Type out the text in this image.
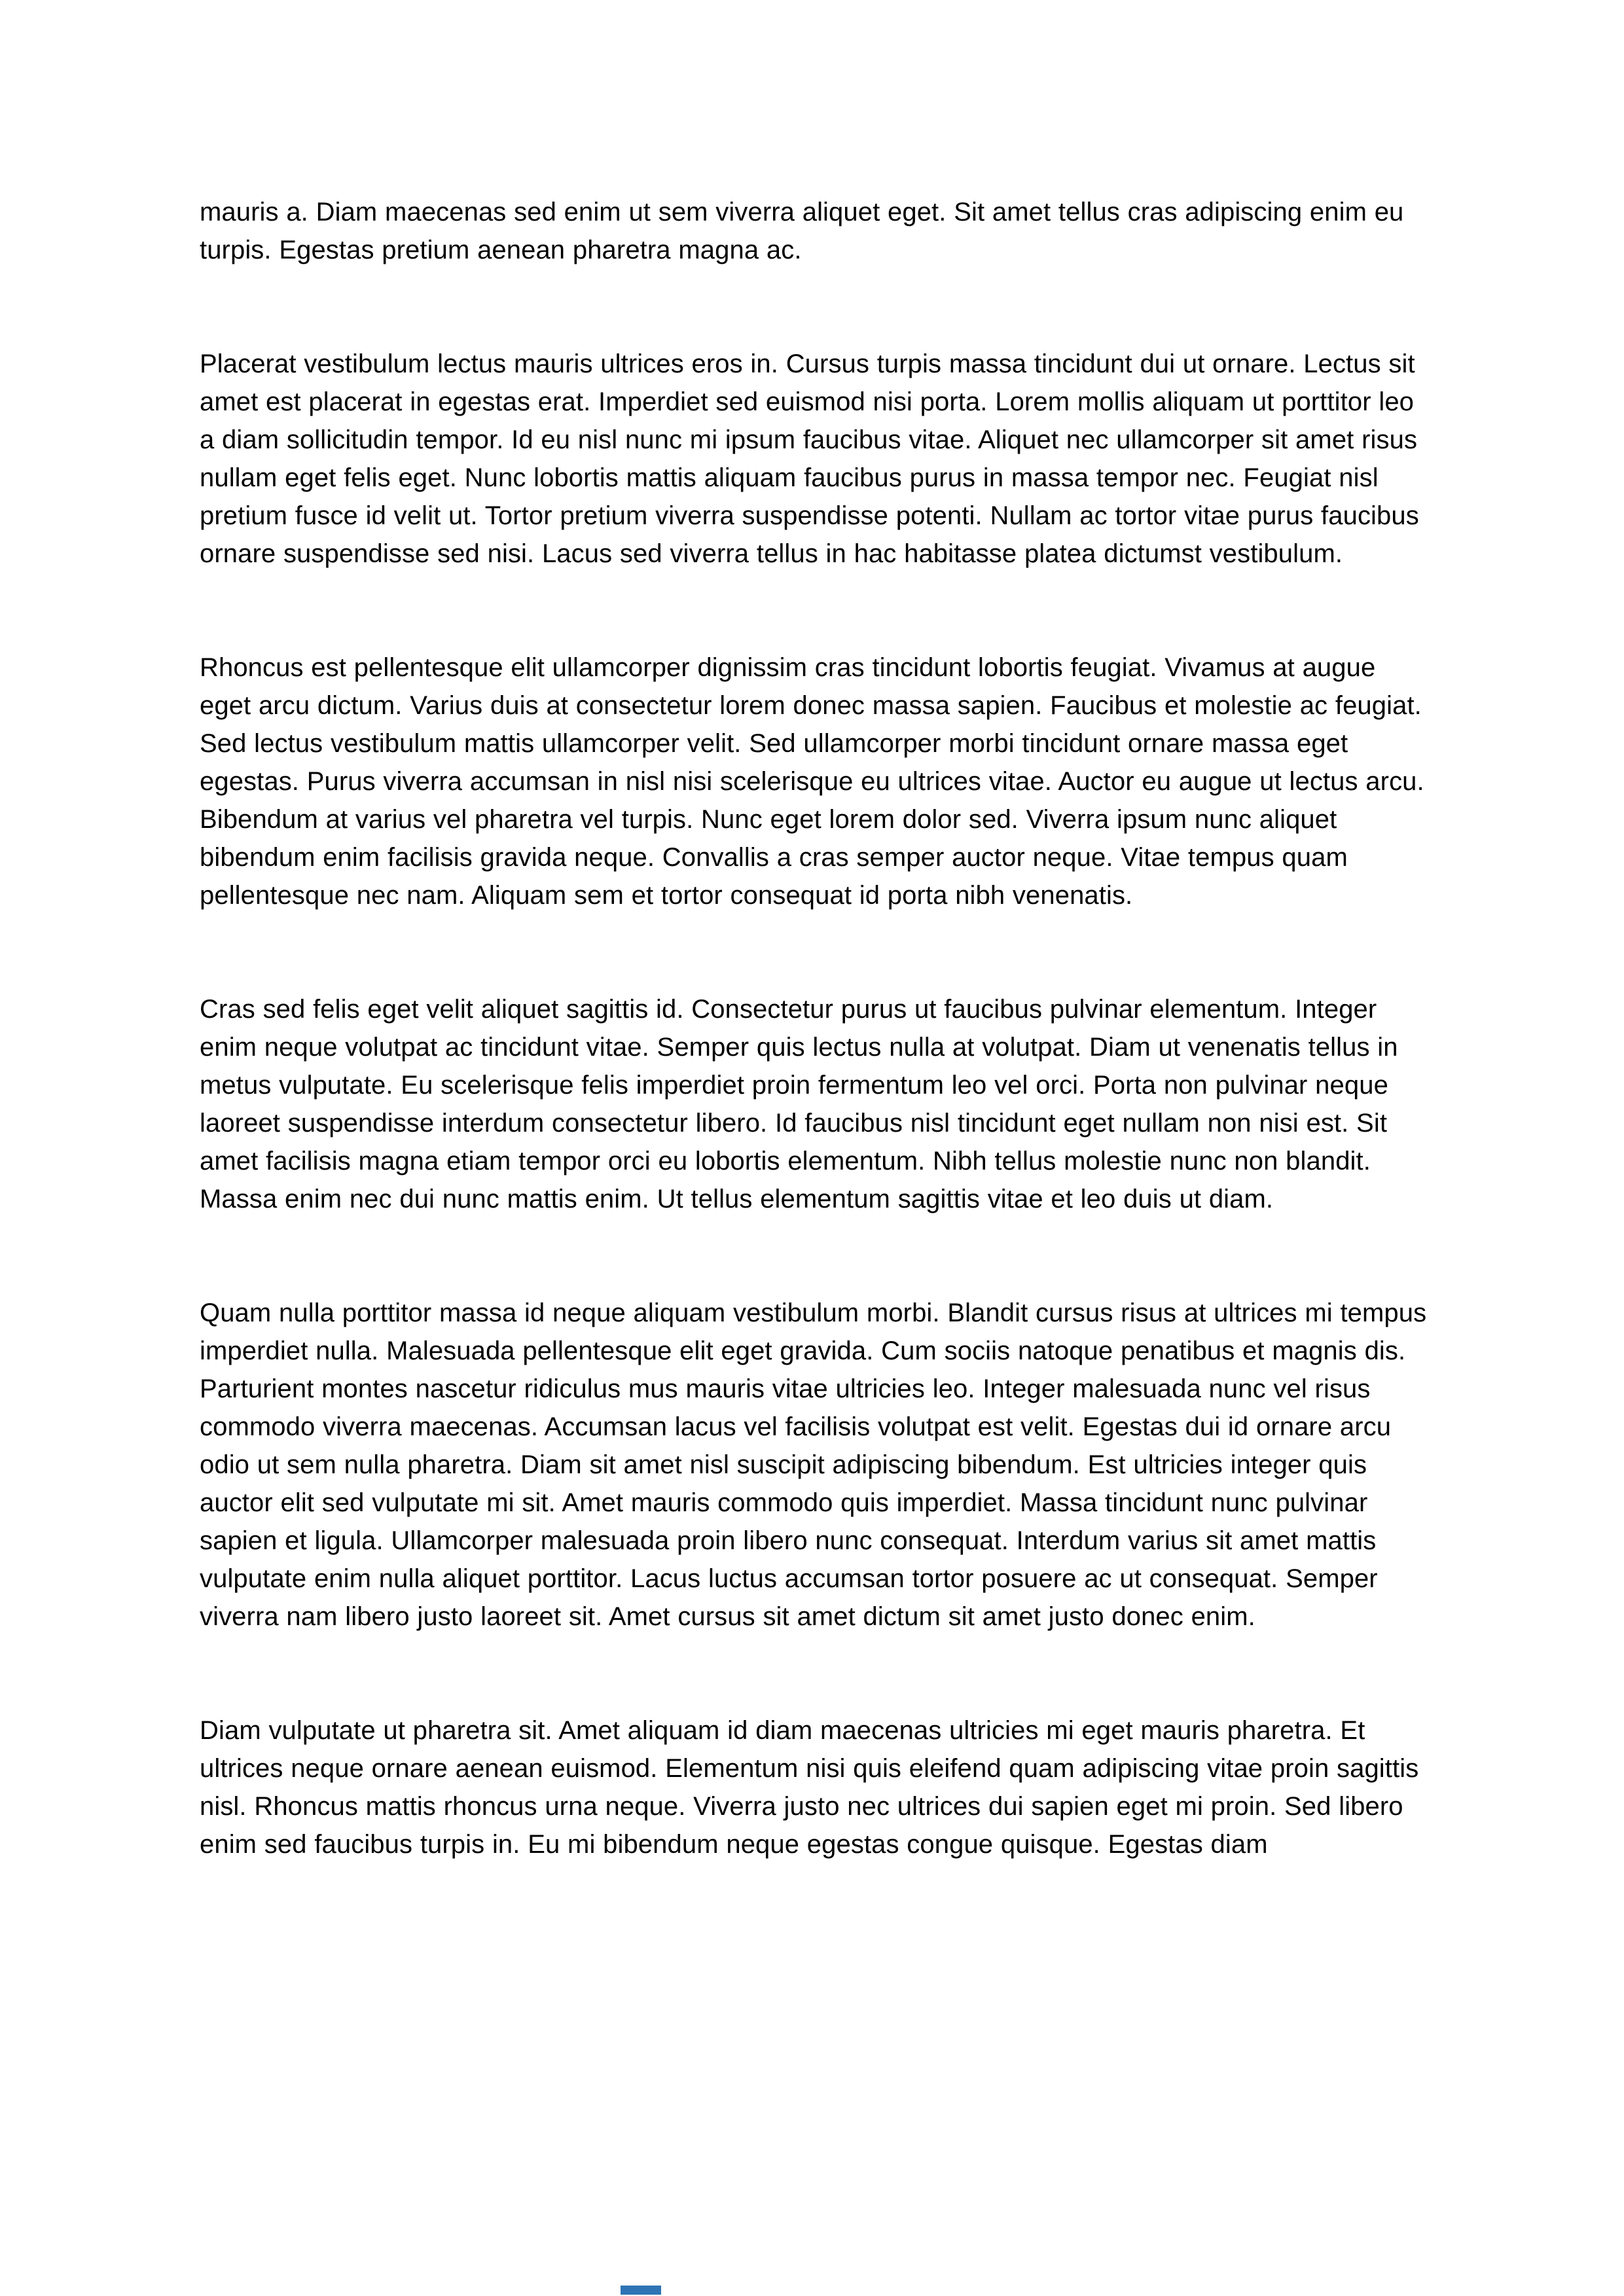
mauris a. Diam maecenas sed enim ut sem viverra aliquet eget. Sit amet tellus cras adipiscing enim eu turpis. Egestas pretium aenean pharetra magna ac.

Placerat vestibulum lectus mauris ultrices eros in. Cursus turpis massa tincidunt dui ut ornare. Lectus sit amet est placerat in egestas erat. Imperdiet sed euismod nisi porta. Lorem mollis aliquam ut porttitor leo a diam sollicitudin tempor. Id eu nisl nunc mi ipsum faucibus vitae. Aliquet nec ullamcorper sit amet risus nullam eget felis eget. Nunc lobortis mattis aliquam faucibus purus in massa tempor nec. Feugiat nisl pretium fusce id velit ut. Tortor pretium viverra suspendisse potenti. Nullam ac tortor vitae purus faucibus ornare suspendisse sed nisi. Lacus sed viverra tellus in hac habitasse platea dictumst vestibulum.

Rhoncus est pellentesque elit ullamcorper dignissim cras tincidunt lobortis feugiat. Vivamus at augue eget arcu dictum. Varius duis at consectetur lorem donec massa sapien. Faucibus et molestie ac feugiat. Sed lectus vestibulum mattis ullamcorper velit. Sed ullamcorper morbi tincidunt ornare massa eget egestas. Purus viverra accumsan in nisl nisi scelerisque eu ultrices vitae. Auctor eu augue ut lectus arcu. Bibendum at varius vel pharetra vel turpis. Nunc eget lorem dolor sed. Viverra ipsum nunc aliquet bibendum enim facilisis gravida neque. Convallis a cras semper auctor neque. Vitae tempus quam pellentesque nec nam. Aliquam sem et tortor consequat id porta nibh venenatis.

Cras sed felis eget velit aliquet sagittis id. Consectetur purus ut faucibus pulvinar elementum. Integer enim neque volutpat ac tincidunt vitae. Semper quis lectus nulla at volutpat. Diam ut venenatis tellus in metus vulputate. Eu scelerisque felis imperdiet proin fermentum leo vel orci. Porta non pulvinar neque laoreet suspendisse interdum consectetur libero. Id faucibus nisl tincidunt eget nullam non nisi est. Sit amet facilisis magna etiam tempor orci eu lobortis elementum. Nibh tellus molestie nunc non blandit. Massa enim nec dui nunc mattis enim. Ut tellus elementum sagittis vitae et leo duis ut diam.

Quam nulla porttitor massa id neque aliquam vestibulum morbi. Blandit cursus risus at ultrices mi tempus imperdiet nulla. Malesuada pellentesque elit eget gravida. Cum sociis natoque penatibus et magnis dis. Parturient montes nascetur ridiculus mus mauris vitae ultricies leo. Integer malesuada nunc vel risus commodo viverra maecenas. Accumsan lacus vel facilisis volutpat est velit. Egestas dui id ornare arcu odio ut sem nulla pharetra. Diam sit amet nisl suscipit adipiscing bibendum. Est ultricies integer quis auctor elit sed vulputate mi sit. Amet mauris commodo quis imperdiet. Massa tincidunt nunc pulvinar sapien et ligula. Ullamcorper malesuada proin libero nunc consequat. Interdum varius sit amet mattis vulputate enim nulla aliquet porttitor. Lacus luctus accumsan tortor posuere ac ut consequat. Semper viverra nam libero justo laoreet sit. Amet cursus sit amet dictum sit amet justo donec enim.

Diam vulputate ut pharetra sit. Amet aliquam id diam maecenas ultricies mi eget mauris pharetra. Et ultrices neque ornare aenean euismod. Elementum nisi quis eleifend quam adipiscing vitae proin sagittis nisl. Rhoncus mattis rhoncus urna neque. Viverra justo nec ultrices dui sapien eget mi proin. Sed libero enim sed faucibus turpis in. Eu mi bibendum neque egestas congue quisque. Egestas diam
